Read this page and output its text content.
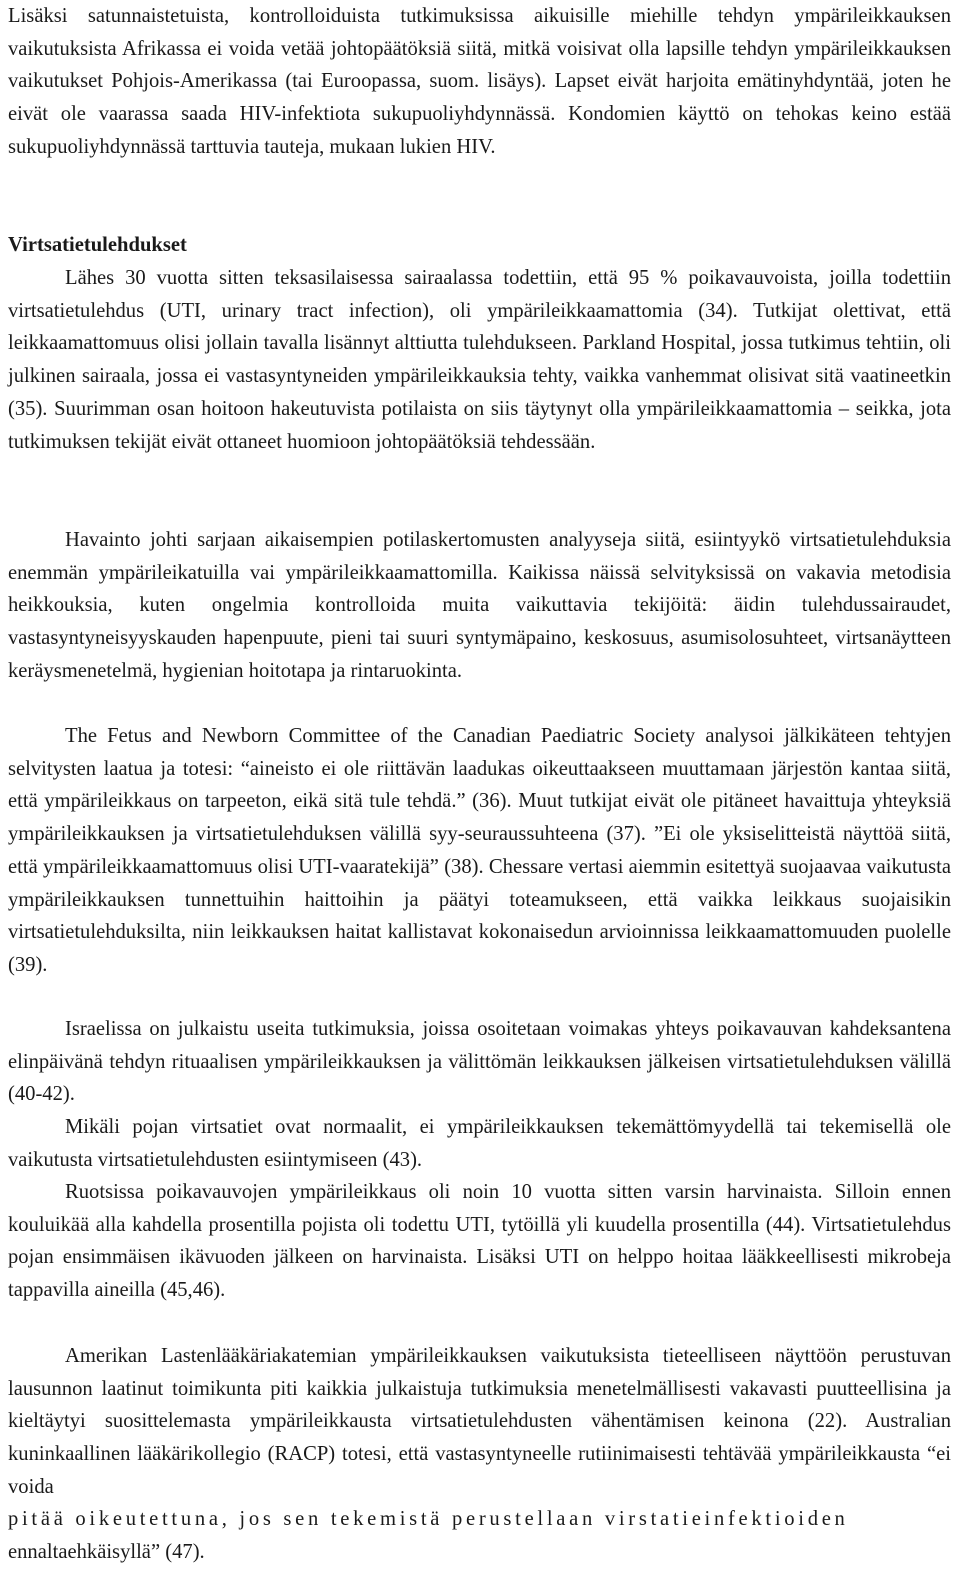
Lisäksi satunnaistetuista, kontrolloiduista tutkimuksissa aikuisille miehille tehdyn ympärileikkauksen vaikutuksista Afrikassa ei voida vetää johtopäätöksiä siitä, mitkä voisivat olla lapsille tehdyn ympärileikkauksen vaikutukset Pohjois-Amerikassa (tai Euroopassa, suom. lisäys). Lapset eivät harjoita emätinyhdyntää, joten he eivät ole vaarassa saada HIV-infektiota sukupuoliyhdynnässä. Kondomien käyttö on tehokas keino estää sukupuoliyhdynnässä tarttuvia tauteja, mukaan lukien HIV.

Virtsatietulehdukset

Lähes 30 vuotta sitten teksasilaisessa sairaalassa todettiin, että 95 % poikavauvoista, joilla todettiin virtsatietulehdus (UTI, urinary tract infection), oli ympärileikkaamattomia (34). Tutkijat olettivat, että leikkaamattomuus olisi jollain tavalla lisännyt alttiutta tulehdukseen. Parkland Hospital, jossa tutkimus tehtiin, oli julkinen sairaala, jossa ei vastasyntyneiden ympärileikkauksia tehty, vaikka vanhemmat olisivat sitä vaatineetkin (35). Suurimman osan hoitoon hakeutuvista potilaista on siis täytynyt olla ympärileikkaamattomia – seikka, jota tutkimuksen tekijät eivät ottaneet huomioon johtopäätöksiä tehdessään.

Havainto johti sarjaan aikaisempien potilaskertomusten analyyseja siitä, esiintyykö virtsatietulehduksia enemmän ympärileikatuilla vai ympärileikkaamattomilla. Kaikissa näissä selvityksissä on vakavia metodisia heikkouksia, kuten ongelmia kontrolloida muita vaikuttavia tekijöitä: äidin tulehdussairaudet, vastasyntyneisyyskauden hapenpuute, pieni tai suuri syntymäpaino, keskosuus, asumisolosuhteet, virtsanäytteen keräysmenetelmä, hygienian hoitotapa ja rintaruokinta.

The Fetus and Newborn Committee of the Canadian Paediatric Society analysoi jälkikäteen tehtyjen selvitysten laatua ja totesi: “aineisto ei ole riittävän laadukas oikeuttaakseen muuttamaan järjestön kantaa siitä, että ympärileikkaus on tarpeeton, eikä sitä tule tehdä.” (36). Muut tutkijat eivät ole pitäneet havaittuja yhteyksiä ympärileikkauksen ja virtsatietulehduksen välillä syy-seuraussuhteena (37). ”Ei ole yksiselitteistä näyttöä siitä, että ympärileikkaamattomuus olisi UTI-vaaratekijä” (38). Chessare vertasi aiemmin esitettyä suojaavaa vaikutusta ympärileikkauksen tunnettuihin haittoihin ja päätyi toteamukseen, että vaikka leikkaus suojaisikin virtsatietulehduksilta, niin leikkauksen haitat kallistavat kokonaisedun arvioinnissa leikkaamattomuuden puolelle (39).

Israelissa on julkaistu useita tutkimuksia, joissa osoitetaan voimakas yhteys poikavauvan kahdeksantena elinpäivänä tehdyn rituaalisen ympärileikkauksen ja välittömän leikkauksen jälkeisen virtsatietulehduksen välillä (40-42).

Mikäli pojan virtsatiet ovat normaalit, ei ympärileikkauksen tekemättömyydellä tai tekemisellä ole vaikutusta virtsatietulehdusten esiintymiseen (43).

Ruotsissa poikavauvojen ympärileikkaus oli noin 10 vuotta sitten varsin harvinaista. Silloin ennen kouluikää alla kahdella prosentilla pojista oli todettu UTI, tytöillä yli kuudella prosentilla (44). Virtsatietulehdus pojan ensimmäisen ikävuoden jälkeen on harvinaista. Lisäksi UTI on helppo hoitaa lääkkeellisesti mikrobeja tappavilla aineilla (45,46).

Amerikan Lastenlääkäriakatemian ympärileikkauksen vaikutuksista tieteelliseen näyttöön perustuvan lausunnon laatinut toimikunta piti kaikkia julkaistuja tutkimuksia menetelmällisesti vakavasti puutteellisina ja kieltäytyi suosittelemasta ympärileikkausta virtsatietulehdusten vähentämisen keinona (22). Australian kuninkaallinen lääkärikollegio (RACP) totesi, että vastasyntyneelle rutiinimaisesti tehtävää ympärileikkausta “ei voida

pitää oikeutettuna, jos sen tekemistä perustellaan virstatieinfektioiden

ennaltaehkäisyllä” (47).
